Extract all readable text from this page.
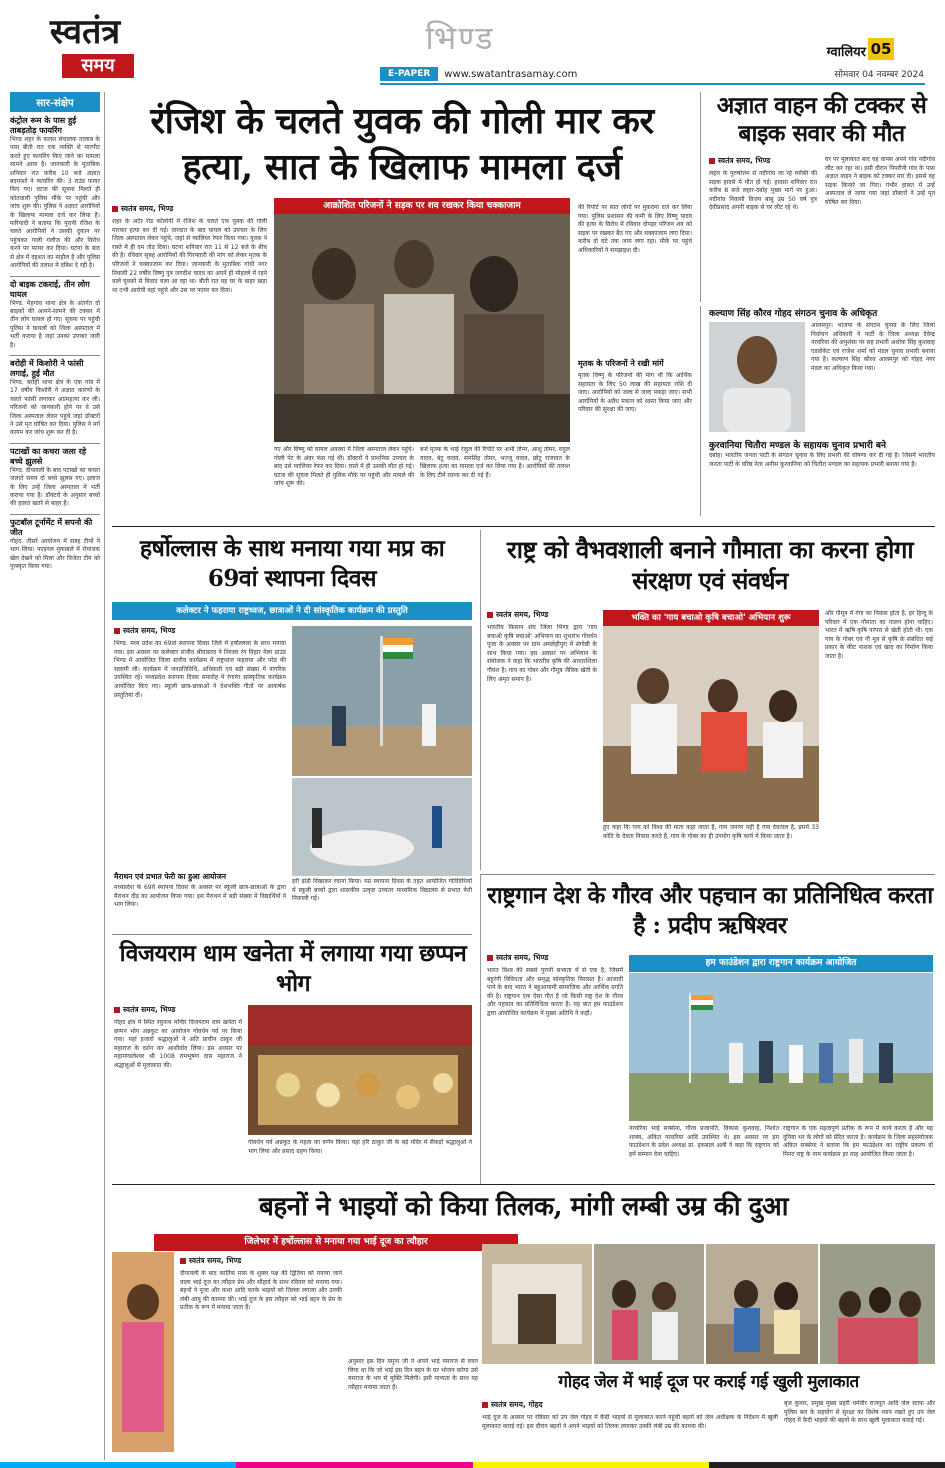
स्वतंत्र
समय
भिण्ड
E-PAPER	www.swatantrasamay.com
ग्वालियर 05
सोमवार 04 नवम्बर 2024
सार-संक्षेप
कंट्रोल रूम के पास हुई ताबड़तोड़ फायरिंग

भिण्ड शहर के कलश संचालक तालाब के पास बीती रात एक व्यक्ति से मारपीट करते हुए फायरिंग किए जाने का मामला सामने आया है। जानकारी के मुताबिक शनिवार रात करीब 10 बजे अज्ञात बदमाशों ने फायरिंग की। 3 राउंड फायर किए गए। घटना की सूचना मिलते ही कोतवाली पुलिस मौके पर पहुंची और जांच शुरू की। पुलिस ने अज्ञात आरोपियों के खिलाफ मामला दर्ज कर लिया है। फरियादी ने बताया कि पुरानी रंजिश के चलते आरोपियों ने उसकी दुकान पर पहुंचकर गाली गलौज की और विरोध करने पर फायर कर दिया। घटना के बाद से क्षेत्र में दहशत का माहौल है और पुलिस आरोपियों की तलाश में दबिश दे रही है।

दो बाइक टकराई, तीन लोग घायल

भिण्ड. मेहगांव थाना क्षेत्र के अंतर्गत दो बाइकों की आमने-सामने की टक्कर में तीन लोग घायल हो गए। सूचना पर पहुंची पुलिस ने घायलों को जिला अस्पताल में भर्ती कराया है जहां उनका उपचार जारी है।

बरोही में किशोरी ने फांसी लगाई, हुई मौत

भिण्ड. बरोही थाना क्षेत्र के एक गांव में 17 वर्षीय किशोरी ने अज्ञात कारणों के चलते फांसी लगाकर आत्महत्या कर ली। परिजनों को जानकारी होने पर वे उसे जिला अस्पताल लेकर पहुंचे जहां डॉक्टरों ने उसे मृत घोषित कर दिया। पुलिस ने मर्ग कायम कर जांच शुरू कर दी है।

पटाखों का कचरा जला रहे बच्चे झुलसे

भिण्ड. दीपावली के बाद पटाखों का कचरा जलाते समय दो बच्चे झुलस गए। इलाज के लिए उन्हें जिला अस्पताल में भर्ती कराया गया है। डॉक्टरों के अनुसार बच्चों की हालत खतरे से बाहर है।

फुटबॉल टूर्नामेंट में सपनो की जीत

गोहद. तीसरे आयोजन में सत्रह टीमों ने भाग लिया। फाइनल मुकाबले में रोमांचक खेल देखने को मिला और विजेता टीम को पुरस्कृत किया गया।

रंजिश के चलते युवक की गोली मार कर हत्या, सात के खिलाफ मामला दर्ज
स्वतंत्र समय, भिण्ड
शहर के अटेर रोड कॉलोनी में रंजिश के चलते एक युवक की गोली मारकर हत्या कर दी गई। वारदात के बाद घायल को उपचार के लिए जिला अस्पताल लेकर पहुंचे, जहां से ग्वालियर रेफर किया गया। युवक ने रास्ते में ही दम तोड़ दिया। घटना शनिवार रात 11 से 12 बजे के बीच की है। रविवार सुबह आरोपियों की गिरफ्तारी की मांग को लेकर मृतक के परिजनों ने चक्काजाम कर दिया। जानकारी के मुताबिक गांधी नगर निवासी 22 वर्षीय विष्णु पुत्र जगदीश यादव का अपने ही मोहल्ले में रहने वाले युवकों से विवाद चला आ रहा था। बीती रात वह घर के बाहर खड़ा था तभी आरोपी वहां पहुंचे और उस पर फायर कर दिया।
आक्रोशित परिजनों ने सड़क पर शव रखकर किया चक्काजाम
गए और विष्णु को घायल अवस्था में जिला अस्पताल लेकर पहुंचे। गोली पेट के अंदर फंस गई थी। डॉक्टरों ने प्राथमिक उपचार के बाद उसे ग्वालियर रेफर कर दिया। रास्ते में ही उसकी मौत हो गई। घटना की सूचना मिलते ही पुलिस मौके पर पहुंची और मामले की जांच शुरू की।
बजे मृतक के भाई राहुल की रिपोर्ट पर अभी तोमर, आशु तोमर, राहुल यादव, बंटू यादव, समसिंह तोमर, भज्जू यादव, छोटू राजावत के खिलाफ हत्या का मामला दर्ज कर लिया गया है। आरोपियों की तलाश के लिए टीमें रवाना कर दी गई हैं।
की रिपोर्ट पर सात लोगों पर मुकदमा दर्ज कर लिया गया। पुलिस प्रशासन की कमी के लिए विष्णु यादव की हत्या के विरोध में रविवार दोपहर परिजन शव को सड़क पर रखकर बैठ गए और चक्काजाम लगा दिया। करीब दो घंटे तक जाम लगा रहा। मौके पर पहुंचे अधिकारियों ने समझाइश दी।
मृतक के परिजनों ने रखी मांगें
मृतक विष्णु के परिजनों की मांग थी कि आर्थिक सहायता के लिए 50 लाख की सहायता राशि दी जाए। आरोपियों को जल्द से जल्द पकड़ा जाए। सभी आरोपियों के अवैध मकान को ध्वस्त किया जाए और परिवार की सुरक्षा की जाए।
अज्ञात वाहन की टक्कर से बाइक सवार की मौत
स्वतंत्र समय, भिण्ड
लहार के पुरुषोत्तम से नदीगांव जा रहे व्यक्ति की सड़क हादसे में मौत हो गई। हादसा शनिवार रात करीब 8 बजे लहार-दबोह मुख्य मार्ग पर हुआ। नदीगांव निवासी विजय बाबू उम्र 50 वर्ष पुत्र देवीप्रसाद अपनी बाइक से घर लौट रहे थे।
घर पर मुलाकात बाद वह वापस अपने गांव नदीगांव लौट कर रहा था। इसी दौरान पिपरौनी गांव के पास अज्ञात वाहन ने बाइक को टक्कर मार दी। इससे वह सड़क किनारे जा गिरा। गंभीर हालत में उन्हें अस्पताल ले जाया गया जहां डॉक्टरों ने उन्हें मृत घोषित कर दिया।
कल्याण सिंह कौरव गोहद संगठन चुनाव के अधिकृत
आलमपुर। भाजपा के संगठन चुनाव के लिए जिला निर्वाचन अधिकारी ने पार्टी के जिला अध्यक्ष देवेन्द्र नरवरिया की अनुशंसा पर सह प्रभारी अशोक सिंह कुशवाह एडवोकेट एवं राजेश शर्मा को मंडल चुनाव प्रभारी बनाया गया है। कल्याण सिंह कौरव आलमपुर को गोहद नगर मंडल का अधिकृत किया गया।
कुरवानिया चितौरा मण्डल के सहायक चुनाव प्रभारी बने
दबोह। भारतीय जनता पार्टी के संगठन चुनाव के लिए प्रभारी की घोषणा कर दी गई है। जिसमें भारतीय जनता पार्टी के वरिष्ठ नेता अनीस कुरवानिया को चितौरा मण्डल का सहायक प्रभारी बनाया गया है।
हर्षोल्लास के साथ मनाया गया मप्र का 69वां स्थापना दिवस
कलेक्टर ने फहराया राष्ट्रध्वज, छात्राओं ने दी सांस्कृतिक कार्यक्रम की प्रस्तुति
स्वतंत्र समय, भिण्ड
भिण्ड. मध्य प्रदेश का 69वां स्थापना दिवस जिले में हर्षोल्लास के साथ मनाया गया। इस अवसर पर कलेक्टर संजीव श्रीवास्तव ने निराला रंग विहार मेला ग्राउंड भिण्ड में आयोजित जिला स्तरीय कार्यक्रम में राष्ट्रध्वज फहराया और परेड की सलामी ली। कार्यक्रम में जनप्रतिनिधि, अधिकारी एवं बड़ी संख्या में नागरिक उपस्थित रहे। मध्यप्रदेश स्थापना दिवस समारोह में रंगारंग सांस्कृतिक कार्यक्रम आयोजित किए गए। स्कूली छात्र-छात्राओं ने देशभक्ति गीतों पर आकर्षक प्रस्तुतियां दीं।
मैराथन एवं प्रभात फेरी का हुआ आयोजन
मध्यप्रदेश के 69वें स्थापना दिवस के अवसर पर स्कूली छात्र-छात्राओं के द्वारा मैराथन दौड़ का आयोजन किया गया। इस मैराथन में बड़ी संख्या में विद्यार्थियों ने भाग लिया।
हरी झंडी दिखाकर रवाना किया। मप्र स्थापना दिवस के तहत आयोजित गतिविधियों में स्कूली बच्चों द्वारा शासकीय उत्कृष्ट उच्चतर माध्यमिक विद्यालय से प्रभात फेरी निकाली गई।
राष्ट्र को वैभवशाली बनाने गौमाता का करना होगा संरक्षण एवं संवर्धन
स्वतंत्र समय, भिण्ड
भारतीय किसान संघ जिला भिण्ड द्वारा 'गाय बचाओ कृषि बचाओ' अभियान का शुभारंभ गोवर्धन पूजा के अवसर पर ग्राम अमलेहीपुरा में संगोष्ठी के साथ किया गया। इस अवसर पर अभियान के संयोजक ने कहा कि भारतीय कृषि की आधारशिला गौवंश है। गाय का गोबर और गौमूत्र जैविक खेती के लिए अमृत समान है।
भक्ति का 'गाय बचाओ कृषि बचाओ' अभियान शुरू
हुए कहा कि गाय को विश्व की माता कहा जाता है, गाय जनपर नहीं है गाय देवताल है, इसमें 33 कोटि के देवता निवास करते हैं, गाय के गोबर का ही उपयोग कृषि कार्य में किया जाता है।
और गौमूत्र में गंगा का निवास होता है, हर हिन्दू के परिवार में एक गौमाता का पालन होना चाहिए। भारत में ऋषि कृषि परंपरा से खेती होती थी। एक गाय के गोबर एवं गौ मूत्र से कृषि के संबंधित कई प्रकार के कीट नाशक एवं खाद का निर्माण किया जाता है।
विजयराम धाम खनेता में लगाया गया छप्पन भोग
स्वतंत्र समय, भिण्ड
गोहद क्षेत्र में स्थित रघुनाथ मन्दिर विजयराम धाम खनेता में छप्पन भोग अन्नकूट का आयोजन गोवर्धन पर्व पर किया गया। यहां हजारों श्रद्धालुओं ने अति प्राचीन ठाकुर जी महाराज के दर्शन कर आशीर्वाद लिया। इस अवसर पर महामण्डलेश्वर श्री 1008 रामभूषण दास महाराज ने श्रद्धालुओं से मुलाकात की।
गोवर्धन पर्व अन्नकूट के महत्व का वर्णन किया। यहां हरि ठाकुर जी के बड़े मंदिर में सैकड़ों श्रद्धालुओं ने भाग लिया और प्रसाद ग्रहण किया।
राष्ट्रगान देश के गौरव और पहचान का प्रतिनिधित्व करता है : प्रदीप ऋषिश्वर
स्वतंत्र समय, भिण्ड
भारत विश्व की सबसे पुरानी सभ्यता में से एक है, जिसमें बहुरंगी विविधता और समृद्ध सांस्कृतिक विरासत है। आजादी पाने के बाद भारत ने बहुआयामी सामाजिक और आर्थिक प्रगति की है। राष्ट्रगान एक ऐसा गीत है जो किसी राष्ट्र देश के गौरव और पहचान का प्रतिनिधित्व करता है। यह बात हम फाउंडेशन द्वारा आयोजित कार्यक्रम में मुख्य अतिथि ने कही।
हम फाउंडेशन द्वारा राष्ट्रगान कार्यक्रम आयोजित
नरवरिया भाई सक्सेना, गौरव प्रजापति, विकास कुशवाह, निशांत शाक्य, अंकित नरवरिया आदि उपस्थित थे। इस अवसर पर हम फाउंडेशन के प्रदेश अध्यक्ष प्रा. इकबाल अली ने कहा कि राष्ट्रगान को हमें सम्मान देना चाहिए।
राष्ट्रगान के एक महत्वपूर्ण प्रतीक के रूप में कार्य करता है और यह दुनिया भर के लोगों को प्रेरित करता है। कार्यक्रम के जिला सहसंयोजक अंकित सक्सेना ने बताया कि हम फाउंडेशन का राष्ट्रीय प्रकल्प दो मिनट राष्ट्र के नाम कार्यक्रम हर माह आयोजित किया जाता है।
बहनों ने भाइयों को किया तिलक, मांगी लम्बी उम्र की दुआ
जिलेभर में हर्षोल्लास से मनाया गया भाई दूज का त्यौहार
स्वतंत्र समय, भिण्ड
दीपावली के बाद कार्तिक मास के शुक्ल पक्ष की द्वितिया को मनाया जाने वाला भाई दूज का त्यौहार प्रेम और सौहार्द के साथ रविवार को मनाया गया। बहनों ने पूजा और कथा आदि करके भाइयों को तिलक लगाया और उनकी लंबी आयु की कामना की। भाई दूज के इस त्यौहार को भाई बहन के प्रेम के प्रतीक के रूप में मनाया जाता है।
अनुसार इस दिन यमुना जी ने अपने भाई यमराज से वचन लिया था कि जो भाई इस दिन बहन के घर भोजन करेगा उसे यमराज के भय से मुक्ति मिलेगी। इसी मान्यता के साथ यह त्यौहार मनाया जाता है।	गोहद जेल में भाई दूज पर कराई गई खुली मुलाकात
स्वतंत्र समय, गोहद
भाई दूज के अवसर पर रविवार को उप जेल गोहद में कैदी भाइयों से मुलाकात करने पहुंची बहनों को जेल अधीक्षक के निर्देशन में खुली मुलाकात कराई गई। इस दौरान बहनों ने अपने भाइयों को तिलक लगाकर उनकी लंबी उम्र की कामना की।
बृज कुमार, प्रमुख मुख्य प्रहरी धर्मवीर राजपूत आदि जेल स्टाफ और पुलिस बल के सहयोग से सुरक्षा का विशेष ध्यान रखते हुए उप जेल गोहद में कैदी भाइयों की बहनों के साथ खुली मुलाकात कराई गई।
